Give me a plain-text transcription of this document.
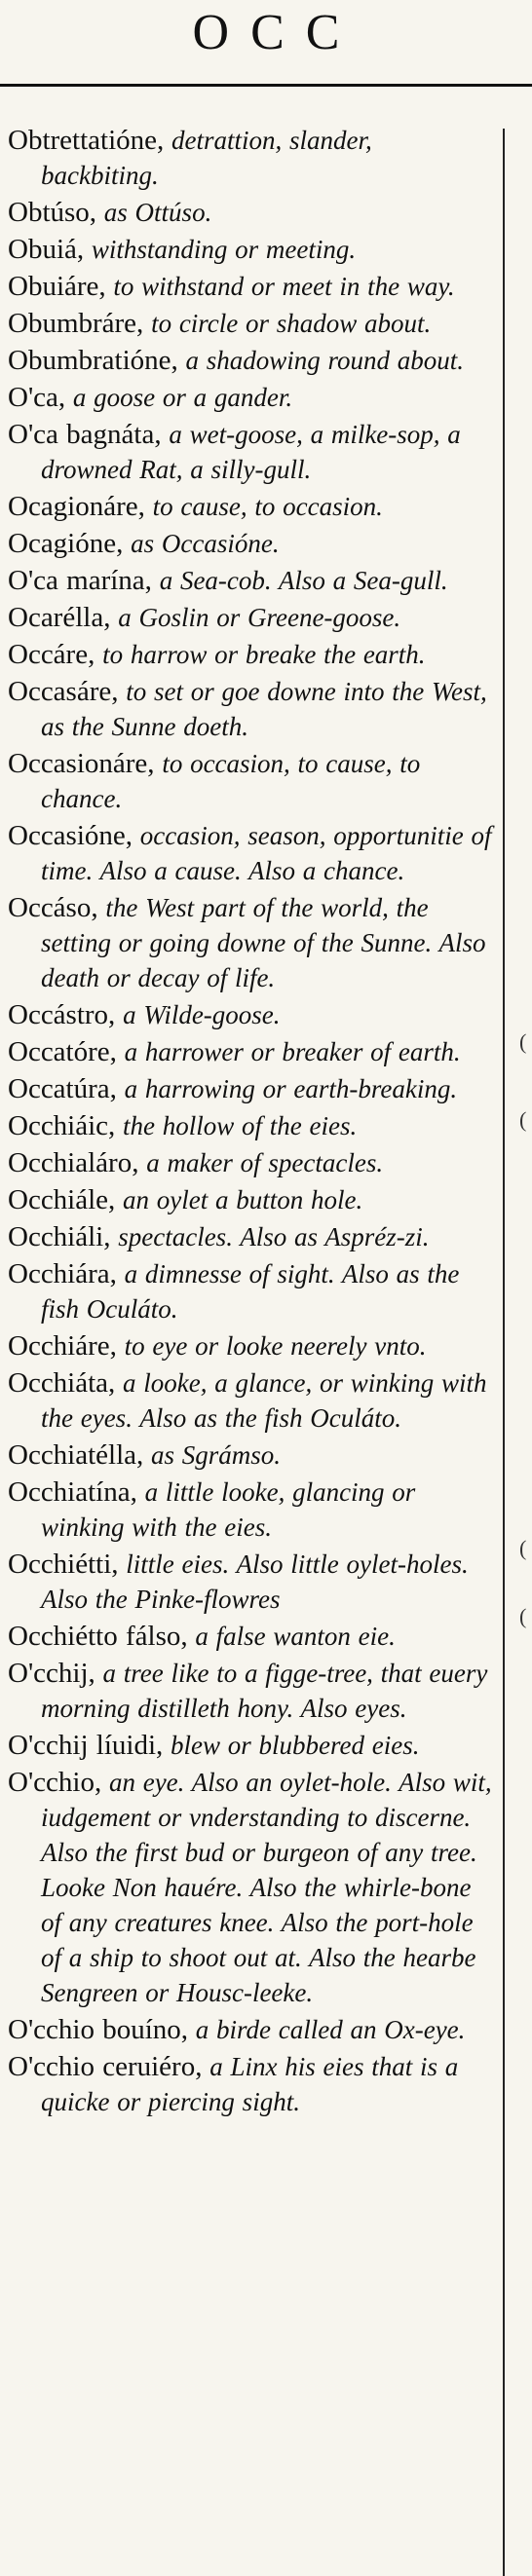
OCC
(
(
(
(

Obtrettatióne, detrattion, slander, backbiting.

Obtúso, as Ottúso.

Obuiá, withstanding or meeting.

Obuiáre, to withstand or meet in the way.

Obumbráre, to circle or shadow about.

Obumbratióne, a shadowing round about.

O'ca, a goose or a gander.

O'ca bagnáta, a wet-goose, a milke-sop, a drowned Rat, a silly-gull.

Ocagionáre, to cause, to occasion.

Ocagióne, as Occasióne.

O'ca marína, a Sea-cob. Also a Sea-gull.

Ocarélla, a Goslin or Greene-goose.

Occáre, to harrow or breake the earth.

Occasáre, to set or goe downe into the West, as the Sunne doeth.

Occasionáre, to occasion, to cause, to chance.

Occasióne, occasion, season, opportunitie of time. Also a cause. Also a chance.

Occáso, the West part of the world, the setting or going downe of the Sunne. Also death or decay of life.

Occástro, a Wilde-goose.

Occatóre, a harrower or breaker of earth.

Occatúra, a harrowing or earth-breaking.

Occhiáic, the hollow of the eies.

Occhialáro, a maker of spectacles.

Occhiále, an oylet a button hole.

Occhiáli, spectacles. Also as Aspréz-zi.

Occhiára, a dimnesse of sight. Also as the fish Oculáto.

Occhiáre, to eye or looke neerely vnto.

Occhiáta, a looke, a glance, or winking with the eyes. Also as the fish Oculáto.

Occhiatélla, as Sgrámso.

Occhiatína, a little looke, glancing or winking with the eies.

Occhiétti, little eies. Also little oylet-holes. Also the Pinke-flowres

Occhiétto fálso, a false wanton eie.

O'cchij, a tree like to a figge-tree, that euery morning distilleth hony. Also eyes.

O'cchij líuidi, blew or blubbered eies.

O'cchio, an eye. Also an oylet-hole. Also wit, iudgement or vnderstanding to discerne. Also the first bud or burgeon of any tree. Looke Non hauére. Also the whirle-bone of any creatures knee. Also the port-hole of a ship to shoot out at. Also the hearbe Sengreen or Housc-leeke.

O'cchio bouíno, a birde called an Ox-eye.

O'cchio ceruiéro, a Linx his eies that is a quicke or piercing sight.
